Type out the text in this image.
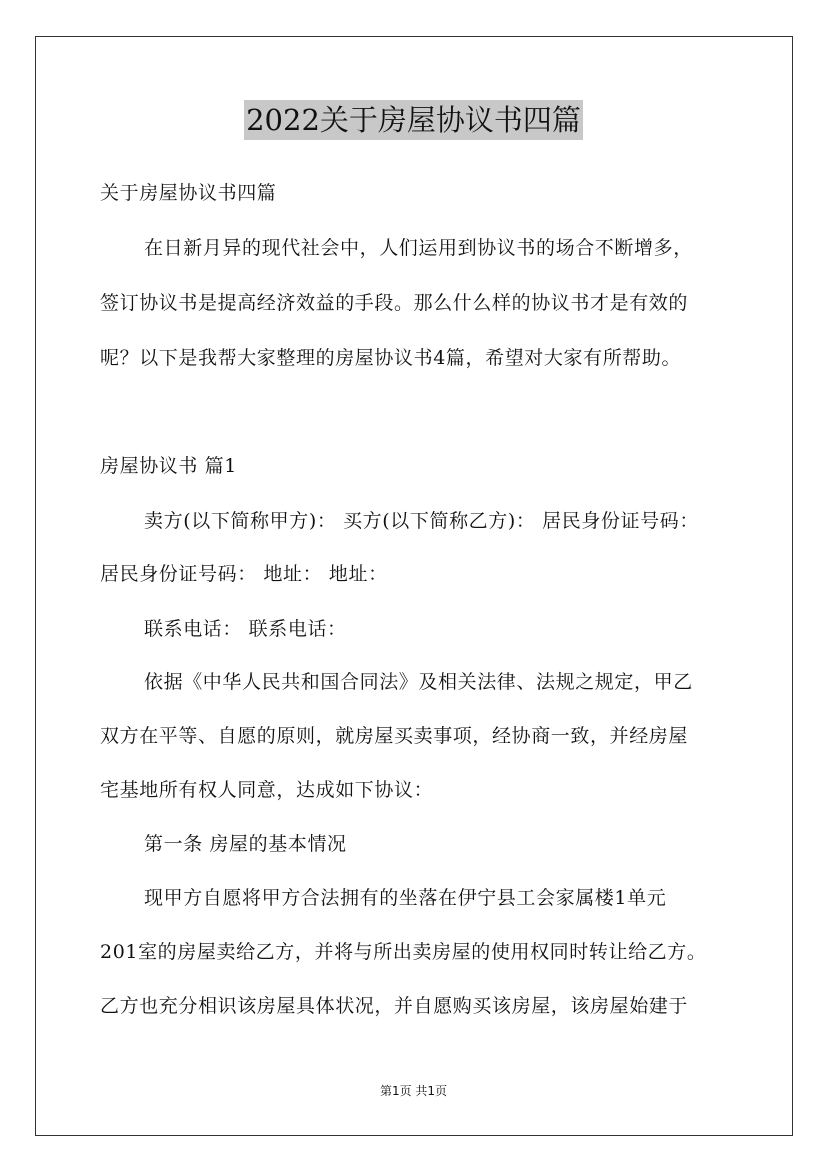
2022关于房屋协议书四篇
关于房屋协议书四篇
在日新月异的现代社会中，人们运用到协议书的场合不断增多，
签订协议书是提高经济效益的手段。那么什么样的协议书才是有效的
呢？以下是我帮大家整理的房屋协议书4篇，希望对大家有所帮助。
房屋协议书 篇1
卖方(以下简称甲方)： 买方(以下简称乙方)： 居民身份证号码：
居民身份证号码： 地址： 地址：
联系电话： 联系电话：
依据《中华人民共和国合同法》及相关法律、法规之规定，甲乙
双方在平等、自愿的原则，就房屋买卖事项，经协商一致，并经房屋
宅基地所有权人同意，达成如下协议：
第一条 房屋的基本情况
现甲方自愿将甲方合法拥有的坐落在伊宁县工会家属楼1单元
201室的房屋卖给乙方，并将与所出卖房屋的使用权同时转让给乙方。
乙方也充分相识该房屋具体状况，并自愿购买该房屋，该房屋始建于
第1页 共1页
